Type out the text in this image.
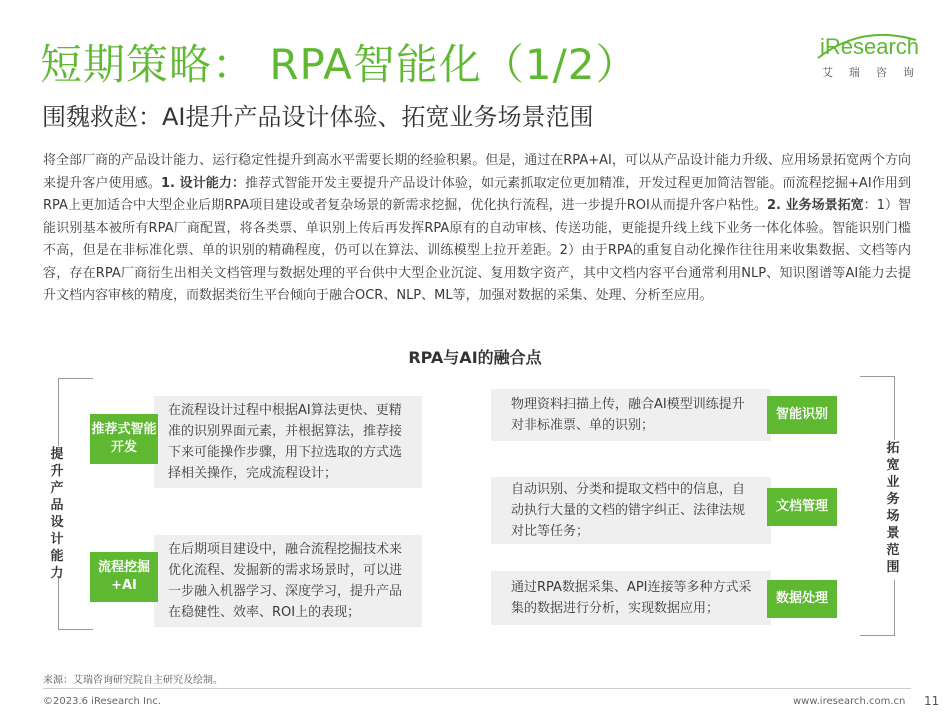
短期策略： RPA智能化（1/2）
围魏救赵：AI提升产品设计体验、拓宽业务场景范围
iResearch
艾瑞咨询
将全部厂商的产品设计能力、运行稳定性提升到高水平需要长期的经验积累。但是，通过在RPA+AI，可以从产品设计能力升级、应用场景拓宽两个方向来提升客户使用感。1. 设计能力：推荐式智能开发主要提升产品设计体验，如元素抓取定位更加精准，开发过程更加简洁智能。而流程挖掘+AI作用到RPA上更加适合中大型企业后期RPA项目建设或者复杂场景的新需求挖掘，优化执行流程，进一步提升ROI从而提升客户粘性。2. 业务场景拓宽：1）智能识别基本被所有RPA厂商配置，将各类票、单识别上传后再发挥RPA原有的自动审核、传送功能，更能提升线上线下业务一体化体验。智能识别门槛不高，但是在非标准化票、单的识别的精确程度，仍可以在算法、训练模型上拉开差距。2）由于RPA的重复自动化操作往往用来收集数据、文档等内容，存在RPA厂商衍生出相关文档管理与数据处理的平台供中大型企业沉淀、复用数字资产，其中文档内容平台通常利用NLP、知识图谱等AI能力去提升文档内容审核的精度，而数据类衍生平台倾向于融合OCR、NLP、ML等，加强对数据的采集、处理、分析至应用。
RPA与AI的融合点
提升产品设计能力
拓宽业务场景范围
在流程设计过程中根据AI算法更快、更精准的识别界面元素，并根据算法，推荐接下来可能操作步骤，用下拉选取的方式选择相关操作，完成流程设计；
推荐式智能开发
在后期项目建设中，融合流程挖掘技术来优化流程、发掘新的需求场景时，可以进一步融入机器学习、深度学习，提升产品在稳健性、效率、ROI上的表现；
流程挖掘+AI
物理资料扫描上传，融合AI模型训练提升对非标准票、单的识别；
智能识别
自动识别、分类和提取文档中的信息，自动执行大量的文档的错字纠正、法律法规对比等任务；
文档管理
通过RPA数据采集、API连接等多种方式采集的数据进行分析，实现数据应用；
数据处理
来源：艾瑞咨询研究院自主研究及绘制。
©2023.6 iResearch Inc.	www.iresearch.com.cn 11
